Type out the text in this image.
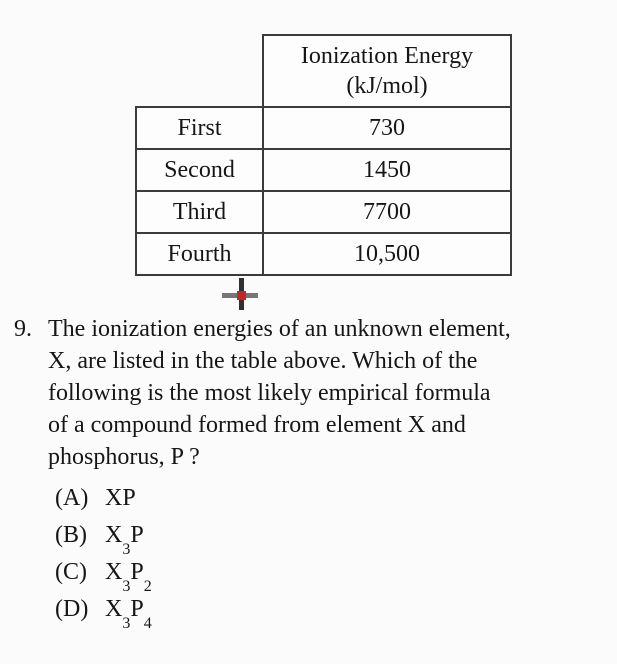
	Ionization Energy
(kJ/mol)

First	730
Second	1450
Third	7700
Fourth	10,500
9. The ionization energies of an unknown element,
X, are listed in the table above. Which of the
following is the most likely empirical formula
of a compound formed from element X and
phosphorus, P ?
(A) XP
(B) $X_3P$
(C) $X_3P_2$
(D) $X_3P_4$
